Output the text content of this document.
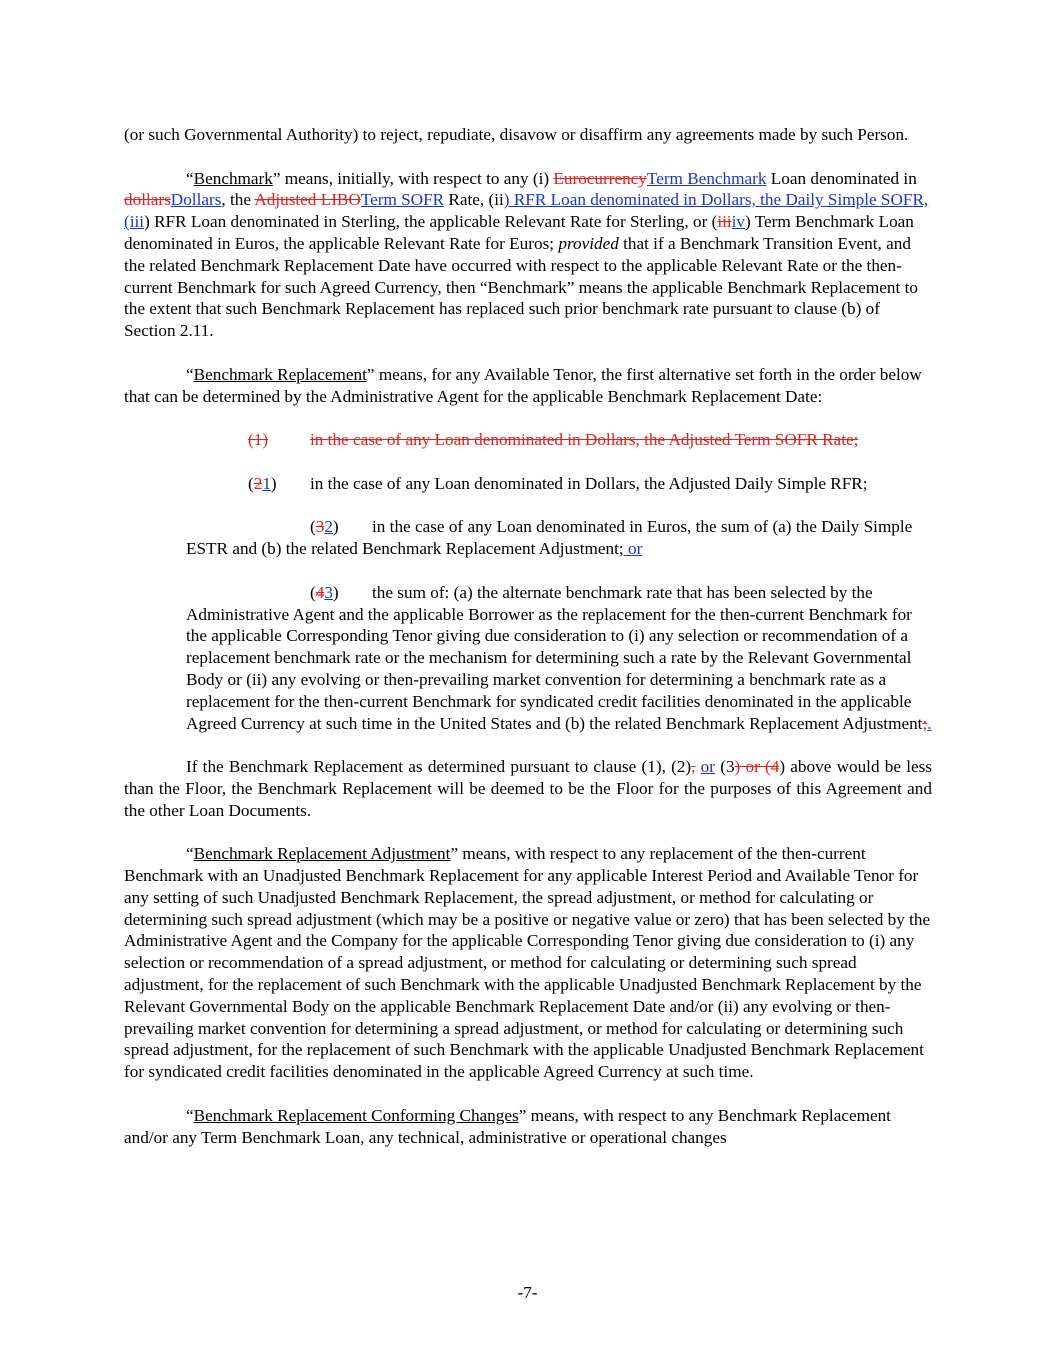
(or such Governmental Authority) to reject, repudiate, disavow or disaffirm any agreements made by such Person.

“Benchmark” means, initially, with respect to any (i) EurocurrencyTerm Benchmark Loan denominated in dollarsDollars, the Adjusted LIBOTerm SOFR Rate, (ii) RFR Loan denominated in Dollars, the Daily Simple SOFR, (iii) RFR Loan denominated in Sterling, the applicable Relevant Rate for Sterling, or (iiiiv) Term Benchmark Loan denominated in Euros, the applicable Relevant Rate for Euros; provided that if a Benchmark Transition Event, and the related Benchmark Replacement Date have occurred with respect to the applicable Relevant Rate or the then-current Benchmark for such Agreed Currency, then “Benchmark” means the applicable Benchmark Replacement to the extent that such Benchmark Replacement has replaced such prior benchmark rate pursuant to clause (b) of Section 2.11.

“Benchmark Replacement” means, for any Available Tenor, the first alternative set forth in the order below that can be determined by the Administrative Agent for the applicable Benchmark Replacement Date:

(1) in the case of any Loan denominated in Dollars, the Adjusted Term SOFR Rate;

(21) in the case of any Loan denominated in Dollars, the Adjusted Daily Simple RFR;

(32) in the case of any Loan denominated in Euros, the sum of (a) the Daily Simple ESTR and (b) the related Benchmark Replacement Adjustment; or

(43) the sum of: (a) the alternate benchmark rate that has been selected by the Administrative Agent and the applicable Borrower as the replacement for the then-current Benchmark for the applicable Corresponding Tenor giving due consideration to (i) any selection or recommendation of a replacement benchmark rate or the mechanism for determining such a rate by the Relevant Governmental Body or (ii) any evolving or then-prevailing market convention for determining a benchmark rate as a replacement for the then-current Benchmark for syndicated credit facilities denominated in the applicable Agreed Currency at such time in the United States and (b) the related Benchmark Replacement Adjustment;.

If the Benchmark Replacement as determined pursuant to clause (1), (2), or (3) or (4) above would be less than the Floor, the Benchmark Replacement will be deemed to be the Floor for the purposes of this Agreement and the other Loan Documents.

“Benchmark Replacement Adjustment” means, with respect to any replacement of the then-current Benchmark with an Unadjusted Benchmark Replacement for any applicable Interest Period and Available Tenor for any setting of such Unadjusted Benchmark Replacement, the spread adjustment, or method for calculating or determining such spread adjustment (which may be a positive or negative value or zero) that has been selected by the Administrative Agent and the Company for the applicable Corresponding Tenor giving due consideration to (i) any selection or recommendation of a spread adjustment, or method for calculating or determining such spread adjustment, for the replacement of such Benchmark with the applicable Unadjusted Benchmark Replacement by the Relevant Governmental Body on the applicable Benchmark Replacement Date and/or (ii) any evolving or then-prevailing market convention for determining a spread adjustment, or method for calculating or determining such spread adjustment, for the replacement of such Benchmark with the applicable Unadjusted Benchmark Replacement for syndicated credit facilities denominated in the applicable Agreed Currency at such time.

“Benchmark Replacement Conforming Changes” means, with respect to any Benchmark Replacement and/or any Term Benchmark Loan, any technical, administrative or operational changes

-7-
